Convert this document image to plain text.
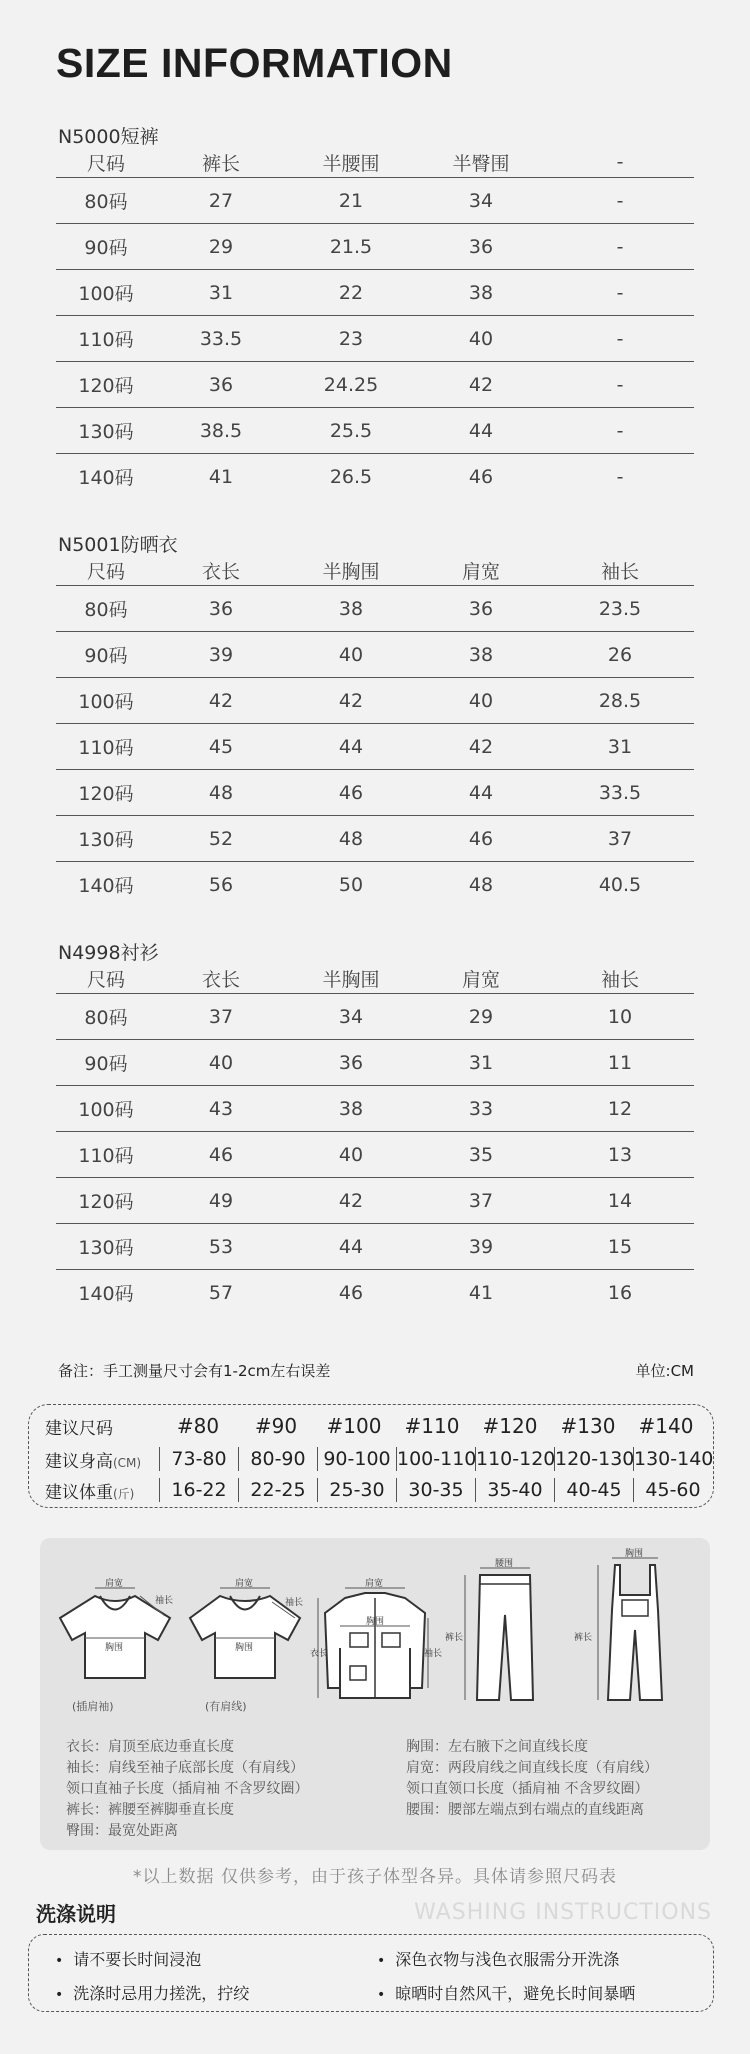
SIZE INFORMATION
N5000短裤
尺码	裤长	半腰围	半臀围	-
80码	27	21	34	-
90码	29	21.5	36	-
100码	31	22	38	-
110码	33.5	23	40	-
120码	36	24.25	42	-
130码	38.5	25.5	44	-
140码	41	26.5	46	-
N5001防晒衣
尺码	衣长	半胸围	肩宽	袖长
80码	36	38	36	23.5
90码	39	40	38	26
100码	42	42	40	28.5
110码	45	44	42	31
120码	48	46	44	33.5
130码	52	48	46	37
140码	56	50	48	40.5
N4998衬衫
尺码	衣长	半胸围	肩宽	袖长
80码	37	34	29	10
90码	40	36	31	11
100码	43	38	33	12
110码	46	40	35	13
120码	49	42	37	14
130码	53	44	39	15
140码	57	46	41	16
备注：手工测量尺寸会有1-2cm左右误差	单位:CM
建议尺码	#80	#90	#100	#110	#120	#130	#140
建议身高(CM)	73-80	80-90 90-100 100-110 110-120 120-130 130-140
建议体重(斤)	16-22	22-25	25-30	30-35	35-40	40-45	45-60
肩宽
袖长
胸围
(插肩袖)
肩宽
袖长
胸围
(有肩线)
肩宽
胸围
衣长	袖长
腰围
裤长
胸围
裤长
衣长：肩顶至底边垂直长度
袖长：肩线至袖子底部长度（有肩线）
领口直袖子长度（插肩袖 不含罗纹圈）
裤长：裤腰至裤脚垂直长度
臀围：最宽处距离
胸围：左右腋下之间直线长度
肩宽：两段肩线之间直线长度（有肩线）
领口直领口长度（插肩袖 不含罗纹圈）
腰围：腰部左端点到右端点的直线距离
*以上数据 仅供参考，由于孩子体型各异。具体请参照尺码表
洗涤说明	WASHING INSTRUCTIONS
• 请不要长时间浸泡	• 深色衣物与浅色衣服需分开洗涤
• 洗涤时忌用力搓洗，拧绞	• 晾晒时自然风干，避免长时间暴晒
